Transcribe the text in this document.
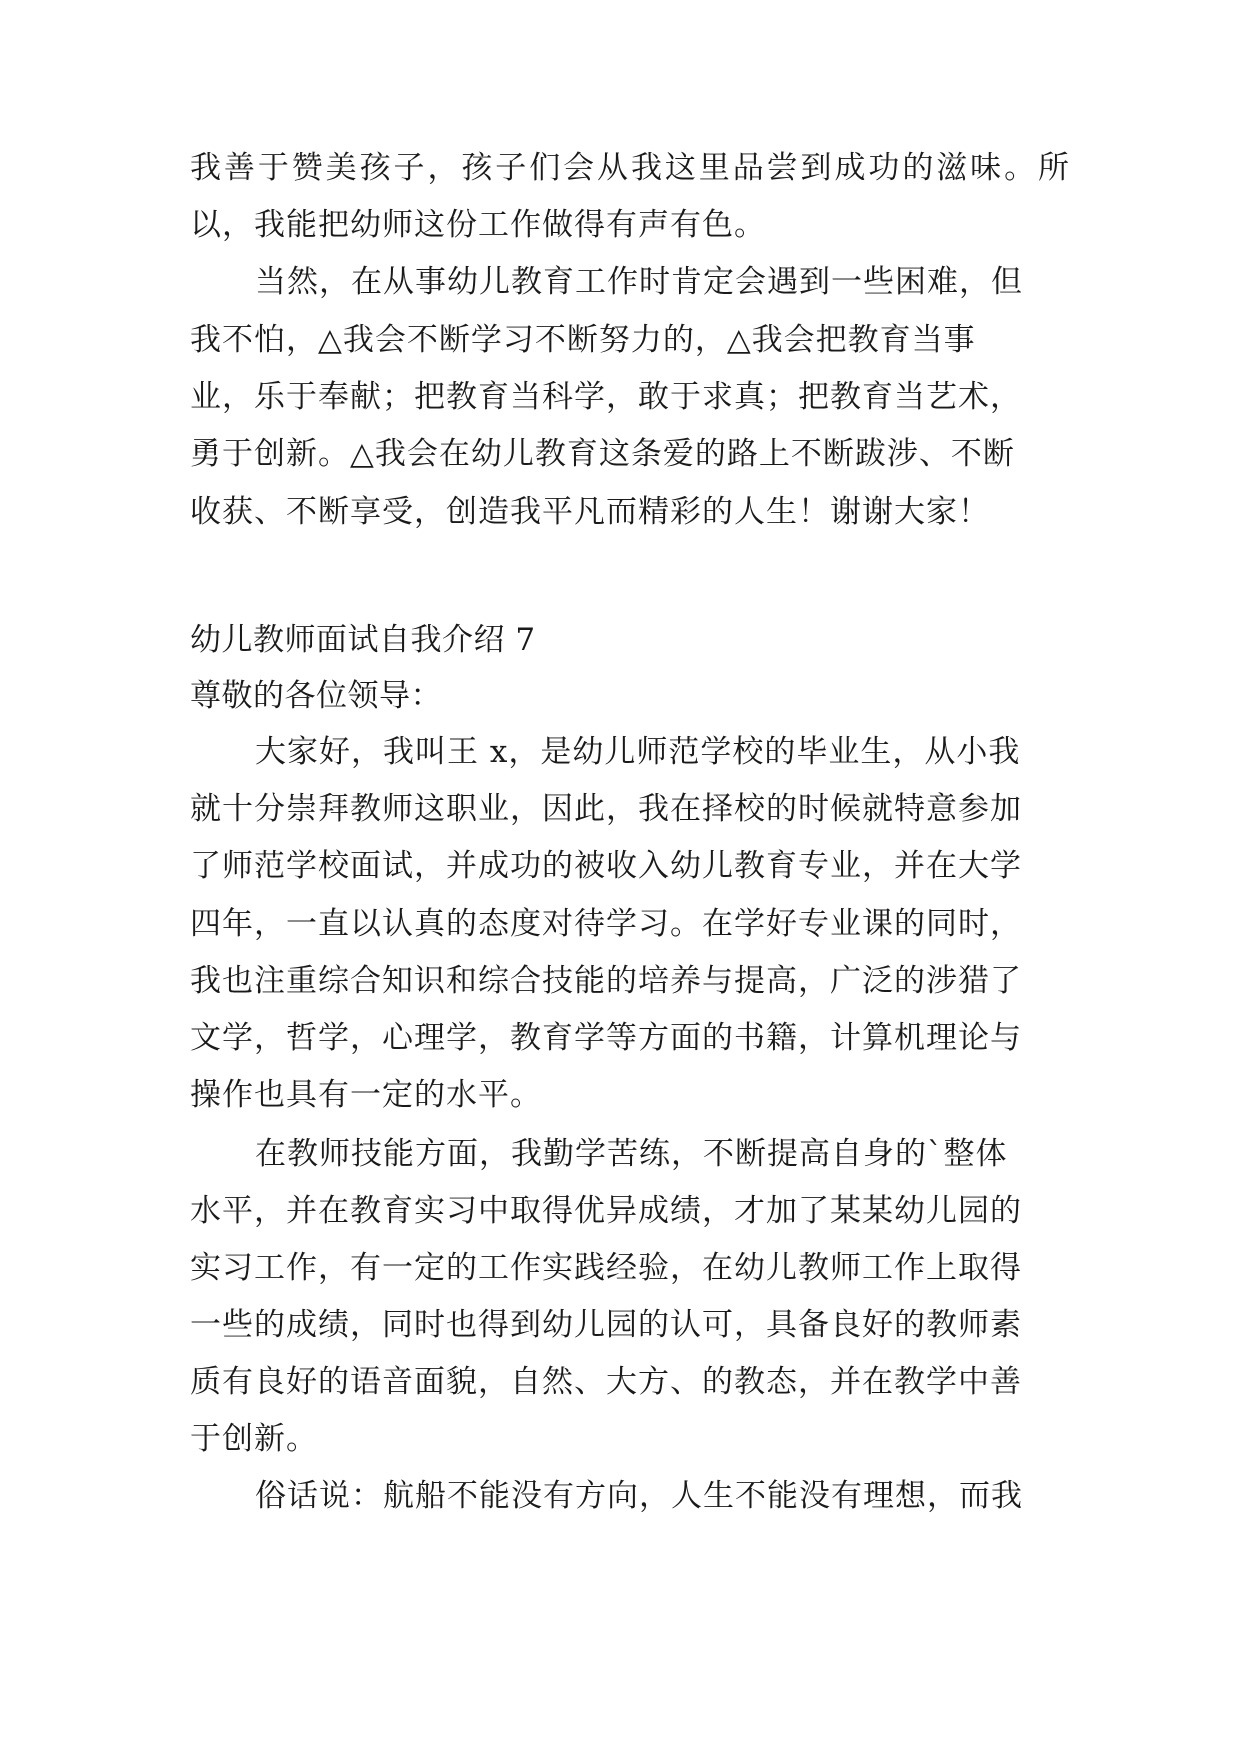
我善于赞美孩子，孩子们会从我这里品尝到成功的滋味。所
以，我能把幼师这份工作做得有声有色。
当然，在从事幼儿教育工作时肯定会遇到一些困难，但
我不怕，△我会不断学习不断努力的，△我会把教育当事
业，乐于奉献；把教育当科学，敢于求真；把教育当艺术，
勇于创新。△我会在幼儿教育这条爱的路上不断跋涉、不断
收获、不断享受，创造我平凡而精彩的人生！谢谢大家！
幼儿教师面试自我介绍 7
尊敬的各位领导：
大家好，我叫王 x，是幼儿师范学校的毕业生，从小我
就十分崇拜教师这职业，因此，我在择校的时候就特意参加
了师范学校面试，并成功的被收入幼儿教育专业，并在大学
四年，一直以认真的态度对待学习。在学好专业课的同时，
我也注重综合知识和综合技能的培养与提高，广泛的涉猎了
文学，哲学，心理学，教育学等方面的书籍，计算机理论与
操作也具有一定的水平。
在教师技能方面，我勤学苦练，不断提高自身的`整体
水平，并在教育实习中取得优异成绩，才加了某某幼儿园的
实习工作，有一定的工作实践经验，在幼儿教师工作上取得
一些的成绩，同时也得到幼儿园的认可，具备良好的教师素
质有良好的语音面貌，自然、大方、的教态，并在教学中善
于创新。
俗话说：航船不能没有方向，人生不能没有理想，而我
